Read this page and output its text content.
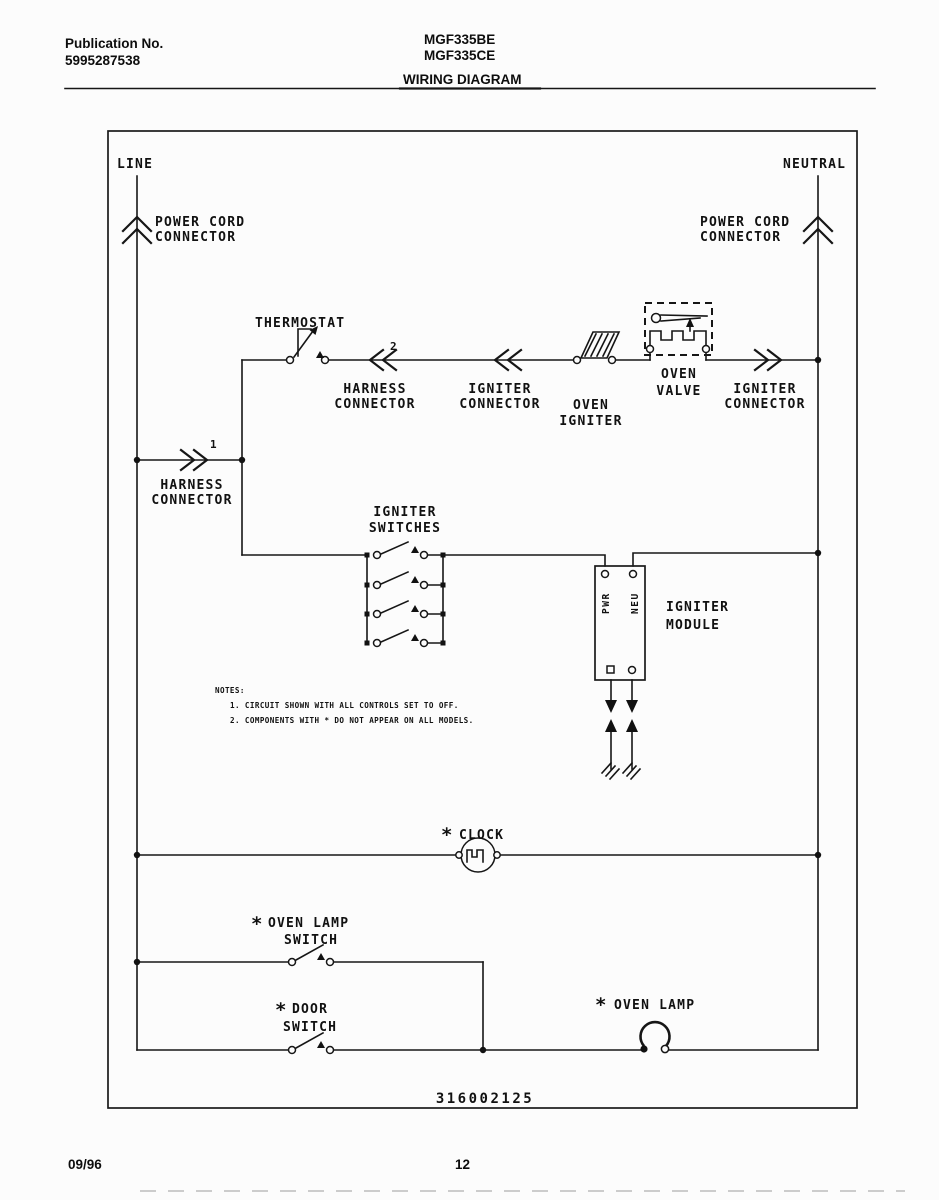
Publication No.
5995287538
MGF335BE
MGF335CE
WIRING DIAGRAM
LINE
POWER CORD
CONNECTOR
NEUTRAL
POWER CORD
CONNECTOR
1
HARNESS
CONNECTOR
THERMOSTAT
2
HARNESS
CONNECTOR
IGNITER
CONNECTOR OVEN
IGNITER
OVEN
VALVE IGNITER
CONNECTOR
IGNITER
SWITCHES
PWR NEU IGNITER
MODULE
NOTES:
1. CIRCUIT SHOWN WITH ALL CONTROLS SET TO OFF.
2. COMPONENTS WITH * DO NOT APPEAR ON ALL MODELS.
* CLOCK
* OVEN LAMP
SWITCH
* DOOR
SWITCH
* OVEN LAMP
316002125
09/96	12
